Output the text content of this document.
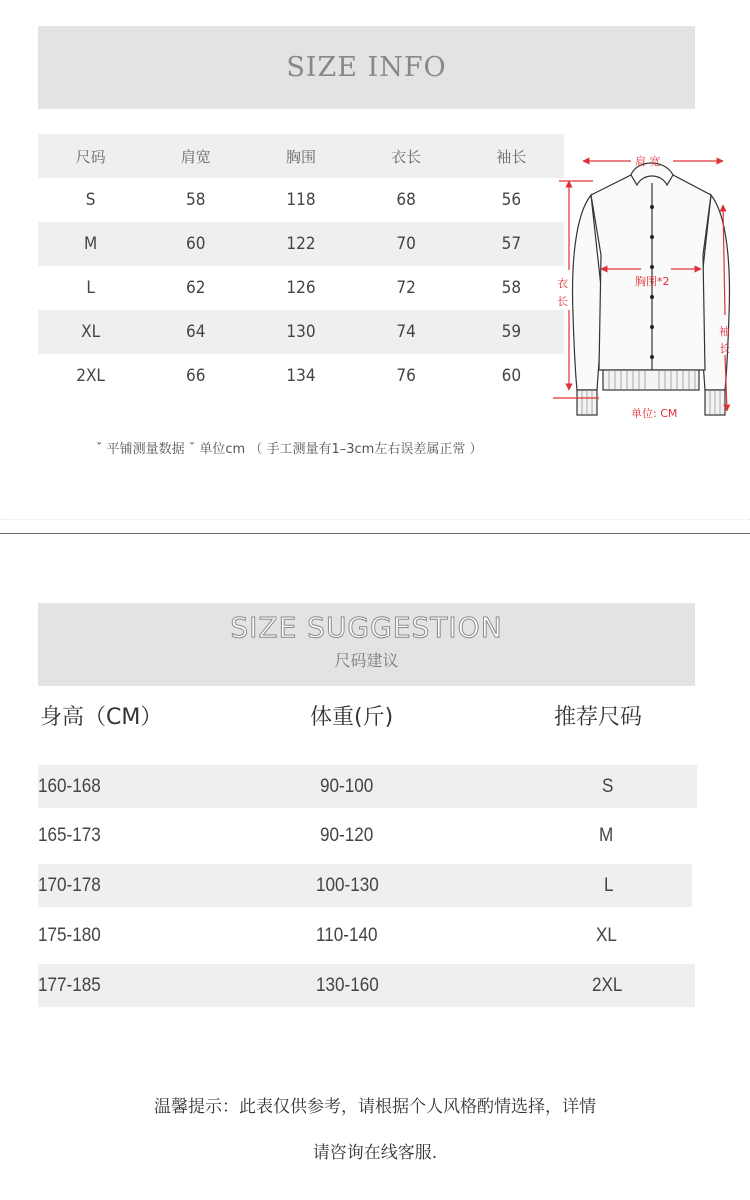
SIZE INFO
尺码	肩宽	胸围	衣长	袖长
S	58	118	68	56
M	60	122	70	57
L	62	126	72	58
XL	64	130	74	59
2XL	66	134	76	60
肩 宽
胸围*2
衣
长
袖
长
单位: CM
ˇ 平铺测量数据 ˇ 单位cm （ 手工测量有1–3cm左右误差属正常 ）
SIZE SUGGESTION
尺码建议
身高（CM）	体重(斤)	推荐尺码
160-168	90-100	S
165-173	90-120	M
170-178	100-130	L
175-180	110-140	XL
177-185	130-160	2XL
温馨提示：此表仅供参考，请根据个人风格酌情选择，详情
请咨询在线客服.
